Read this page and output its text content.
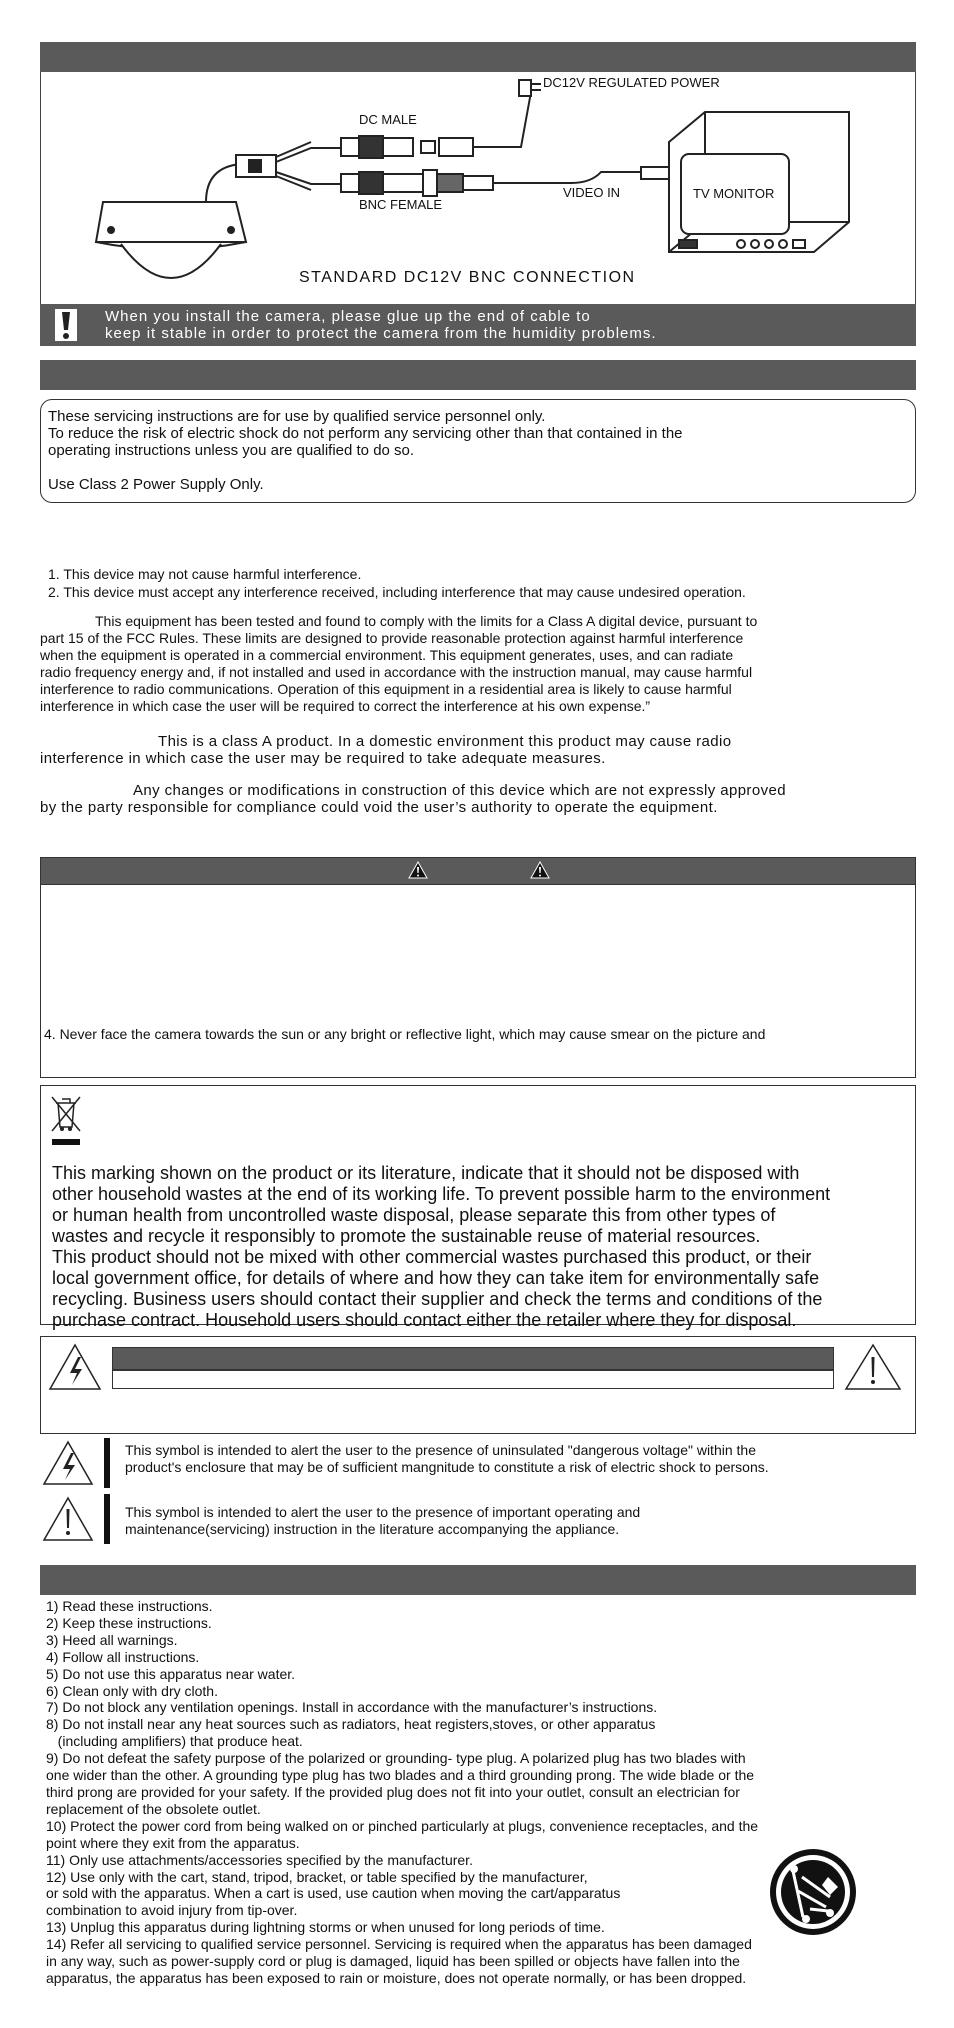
DC12V REGULATED POWER
DC MALE
BNC FEMALE
VIDEO IN	TV MONITOR
STANDARD DC12V BNC CONNECTION
When you install the camera, please glue up the end of cable to
keep it stable in order to protect the camera from the humidity problems.
These servicing instructions are for use by qualified service personnel only.
To reduce the risk of electric shock do not perform any servicing other than that contained in the
operating instructions unless you are qualified to do so.
Use Class 2 Power Supply Only.
1. This device may not cause harmful interference.
2. This device must accept any interference received, including interference that may cause undesired operation.
This equipment has been tested and found to comply with the limits for a Class A digital device, pursuant to
part 15 of the FCC Rules. These limits are designed to provide reasonable protection against harmful interference
when the equipment is operated in a commercial environment. This equipment generates, uses, and can radiate
radio frequency energy and, if not installed and used in accordance with the instruction manual, may cause harmful
interference to radio communications. Operation of this equipment in a residential area is likely to cause harmful
interference in which case the user will be required to correct the interference at his own expense.”
This is a class A product. In a domestic environment this product may cause radio
interference in which case the user may be required to take adequate measures.
Any changes or modifications in construction of this device which are not expressly approved
by the party responsible for compliance could void the user’s authority to operate the equipment.
4. Never face the camera towards the sun or any bright or reflective light, which may cause smear on the picture and
This marking shown on the product or its literature, indicate that it should not be disposed with
other household wastes at the end of its working life. To prevent possible harm to the environment
or human health from uncontrolled waste disposal, please separate this from other types of
wastes and recycle it responsibly to promote the sustainable reuse of material resources.
This product should not be mixed with other commercial wastes purchased this product, or their
local government office, for details of where and how they can take item for environmentally safe
recycling. Business users should contact their supplier and check the terms and conditions of the
purchase contract. Household users should contact either the retailer where they for disposal.
This symbol is intended to alert the user to the presence of uninsulated "dangerous voltage" within the
product's enclosure that may be of sufficient mangnitude to constitute a risk of electric shock to persons.
This symbol is intended to alert the user to the presence of important operating and
maintenance(servicing) instruction in the literature accompanying the appliance.
1) Read these instructions.
2) Keep these instructions.
3) Heed all warnings.
4) Follow all instructions.
5) Do not use this apparatus near water.
6) Clean only with dry cloth.
7) Do not block any ventilation openings. Install in accordance with the manufacturer’s instructions.
8) Do not install near any heat sources such as radiators, heat registers,stoves, or other apparatus
(including amplifiers) that produce heat.
9) Do not defeat the safety purpose of the polarized or grounding- type plug. A polarized plug has two blades with
one wider than the other. A grounding type plug has two blades and a third grounding prong. The wide blade or the
third prong are provided for your safety. If the provided plug does not fit into your outlet, consult an electrician for
replacement of the obsolete outlet.
10) Protect the power cord from being walked on or pinched particularly at plugs, convenience receptacles, and the
point where they exit from the apparatus.
11) Only use attachments/accessories specified by the manufacturer.
12) Use only with the cart, stand, tripod, bracket, or table specified by the manufacturer,
or sold with the apparatus. When a cart is used, use caution when moving the cart/apparatus
combination to avoid injury from tip-over.
13) Unplug this apparatus during lightning storms or when unused for long periods of time.
14) Refer all servicing to qualified service personnel. Servicing is required when the apparatus has been damaged
in any way, such as power-supply cord or plug is damaged, liquid has been spilled or objects have fallen into the
apparatus, the apparatus has been exposed to rain or moisture, does not operate normally, or has been dropped.
